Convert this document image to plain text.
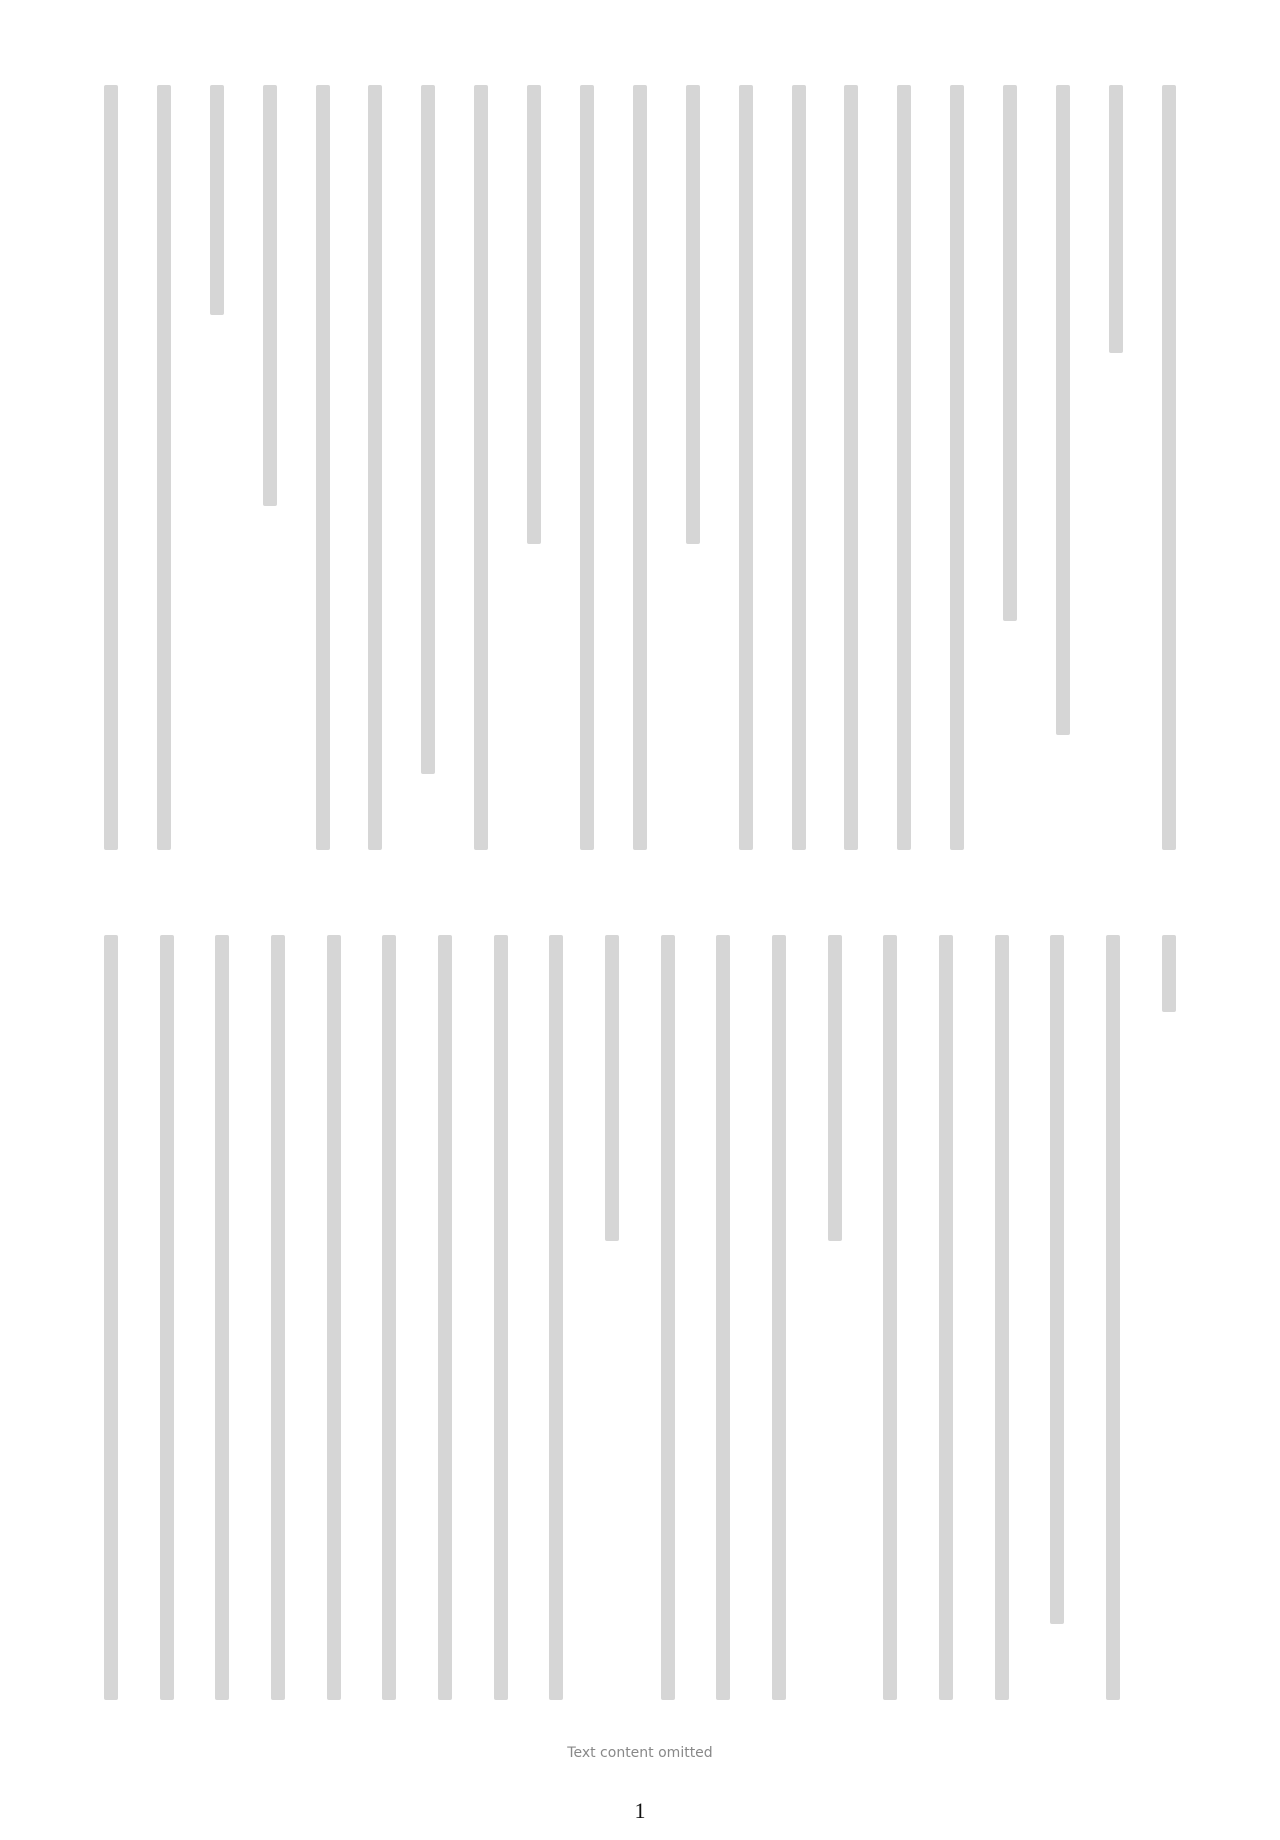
Text content omitted
1
